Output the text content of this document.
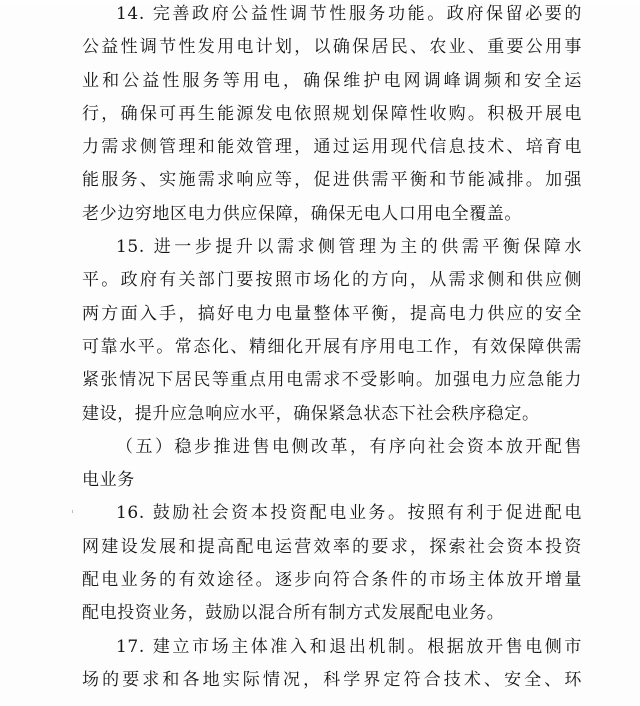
14. 完善政府公益性调节性服务功能。政府保留必要的
公益性调节性发用电计划，以确保居民、农业、重要公用事
业和公益性服务等用电，确保维护电网调峰调频和安全运
行，确保可再生能源发电依照规划保障性收购。积极开展电
力需求侧管理和能效管理，通过运用现代信息技术、培育电
能服务、实施需求响应等，促进供需平衡和节能减排。加强
老少边穷地区电力供应保障，确保无电人口用电全覆盖。
15. 进一步提升以需求侧管理为主的供需平衡保障水
平。政府有关部门要按照市场化的方向，从需求侧和供应侧
两方面入手，搞好电力电量整体平衡，提高电力供应的安全
可靠水平。常态化、精细化开展有序用电工作，有效保障供需
紧张情况下居民等重点用电需求不受影响。加强电力应急能力
建设，提升应急响应水平，确保紧急状态下社会秩序稳定。
（五）稳步推进售电侧改革，有序向社会资本放开配售
电业务
16. 鼓励社会资本投资配电业务。按照有利于促进配电
网建设发展和提高配电运营效率的要求，探索社会资本投资
配电业务的有效途径。逐步向符合条件的市场主体放开增量
配电投资业务，鼓励以混合所有制方式发展配电业务。
17. 建立市场主体准入和退出机制。根据放开售电侧市
场的要求和各地实际情况，科学界定符合技术、安全、环
